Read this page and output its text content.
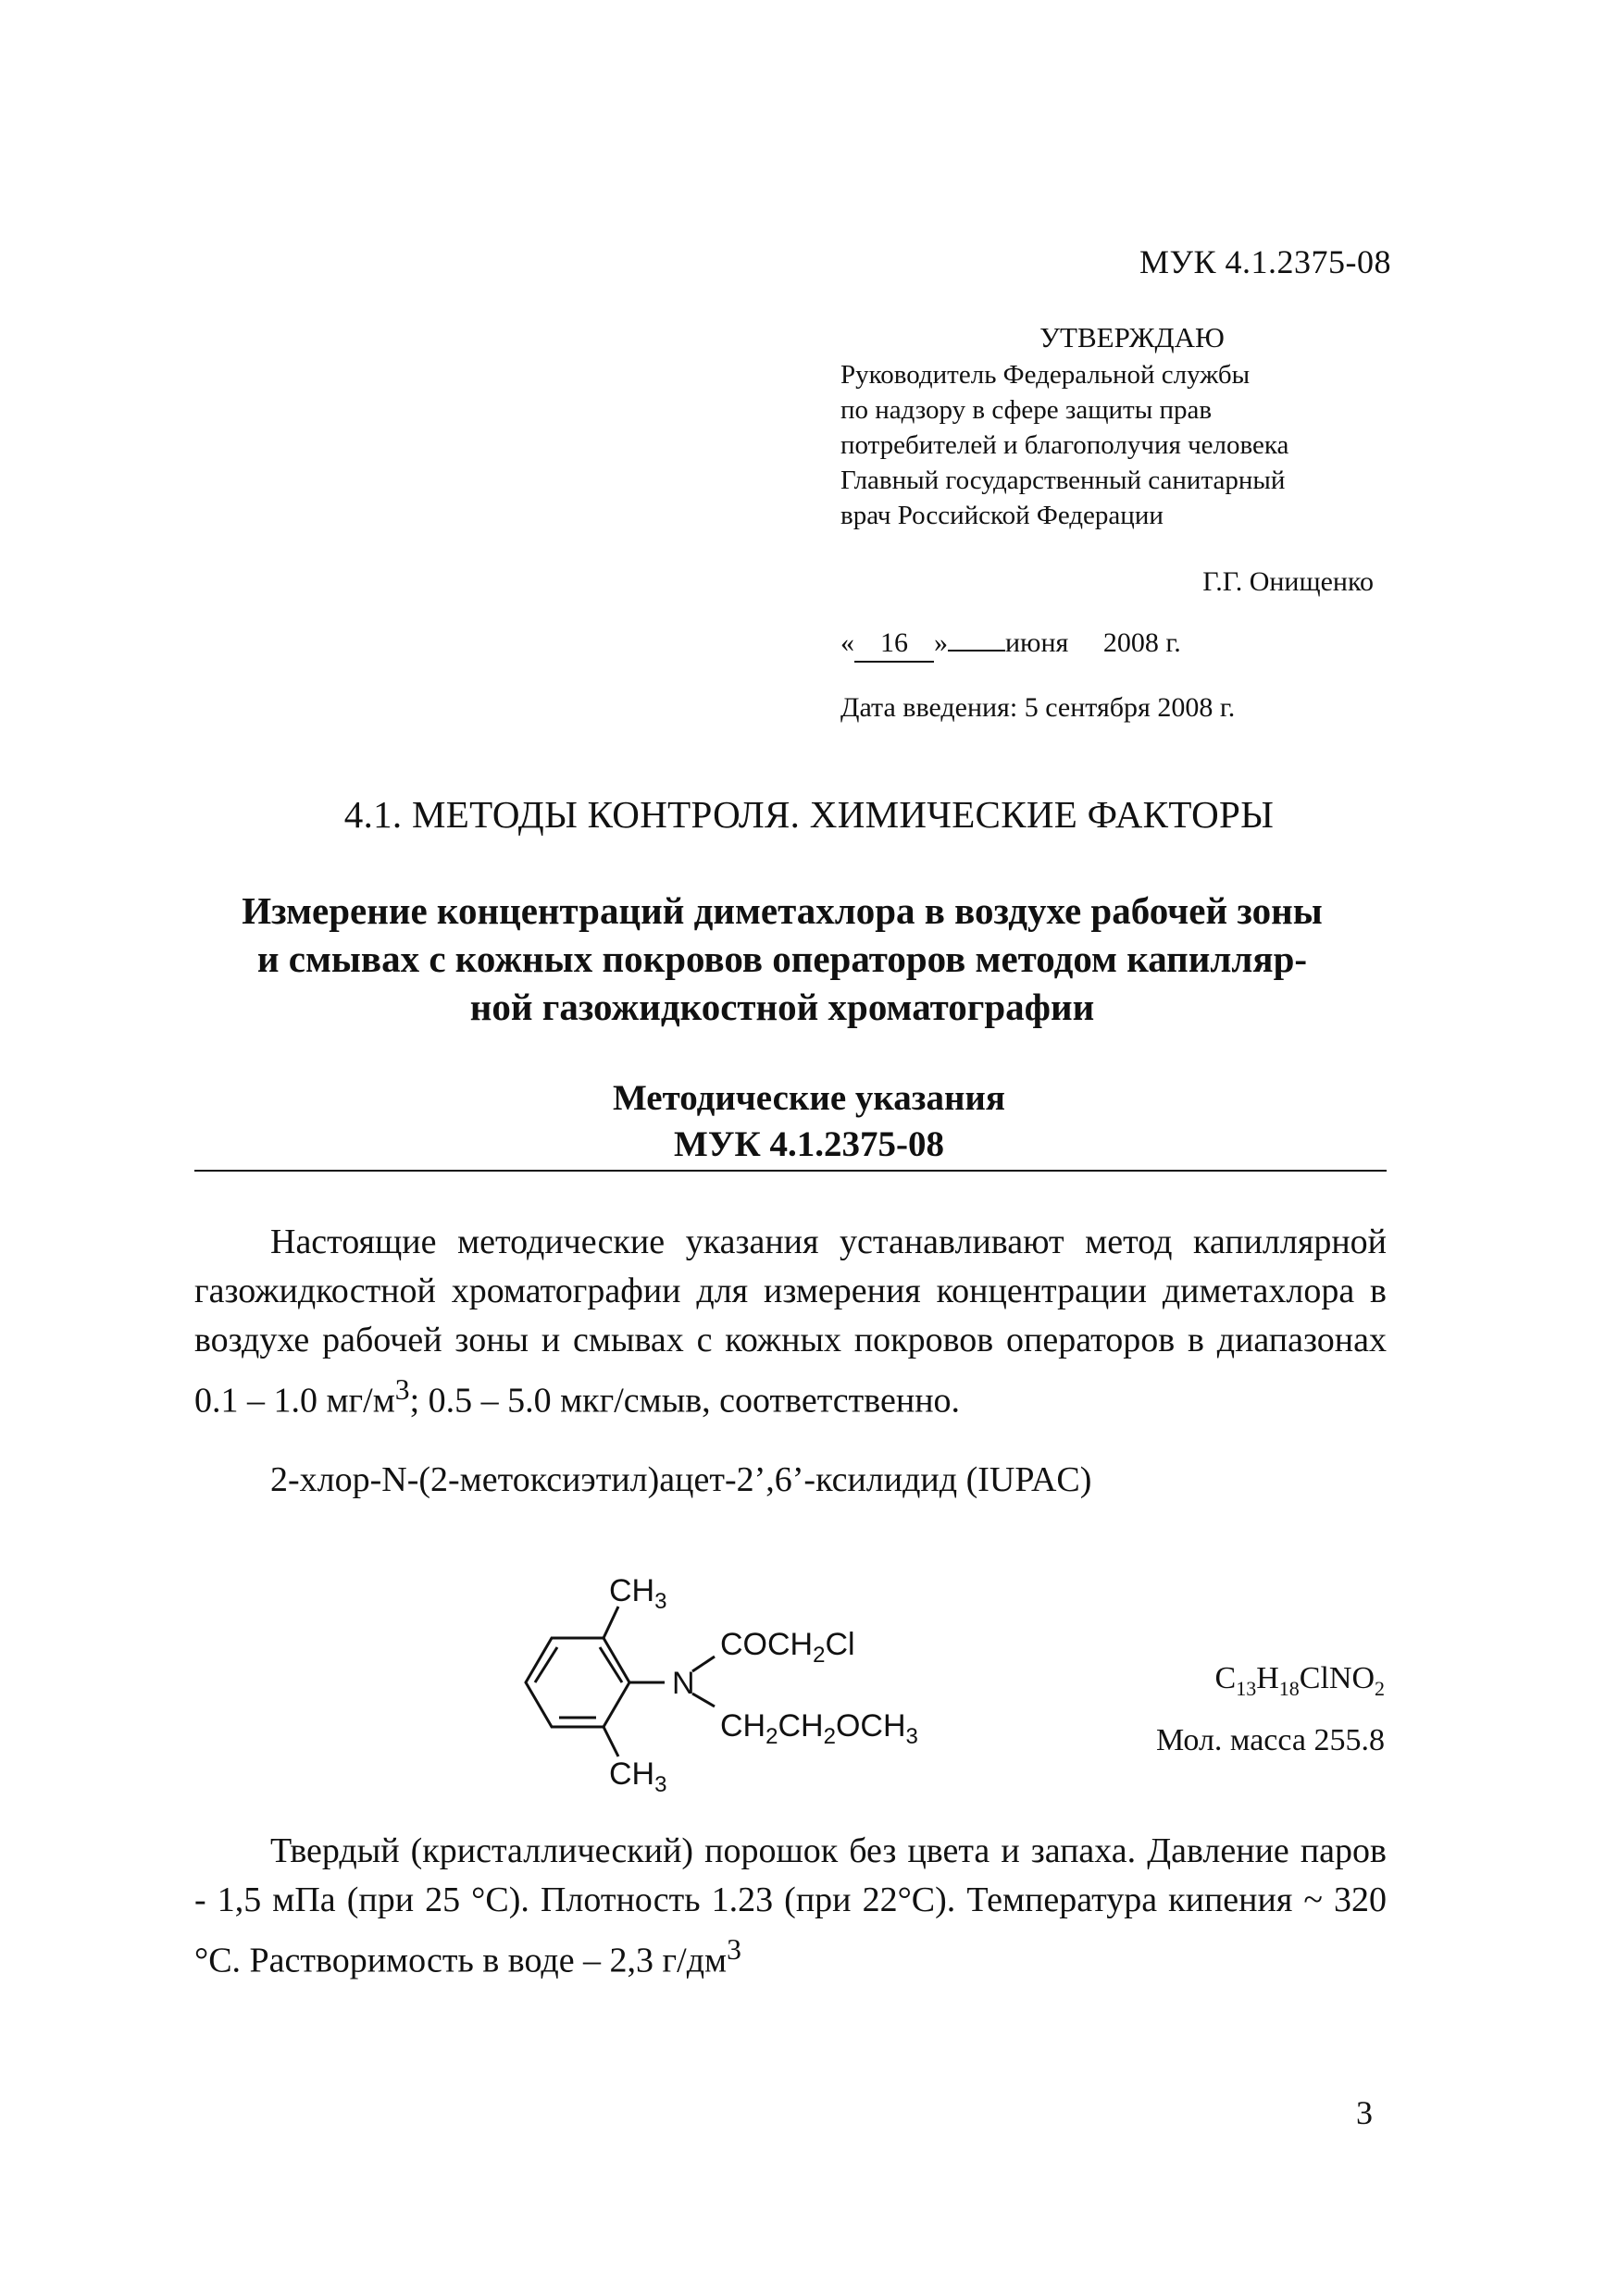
МУК 4.1.2375-08
УТВЕРЖДАЮ
Руководитель Федеральной службы
по надзору в сфере защиты прав
потребителей и благополучия человека
Главный государственный санитарный
врач Российской Федерации
Г.Г. Онищенко
« 16 » июня 2008 г.
Дата введения: 5 сентября 2008 г.
4.1. МЕТОДЫ КОНТРОЛЯ. ХИМИЧЕСКИЕ ФАКТОРЫ
Измерение концентраций диметахлора в воздухе рабочей зоны
и смывах с кожных покровов операторов методом капилляр-
ной газожидкостной хроматографии
Методические указания
МУК 4.1.2375-08

Настоящие методические указания устанавливают метод капиллярной газожидкостной хроматографии для измерения концентрации диметахлора в воздухе рабочей зоны и смывах с кожных покровов операторов в диапазонах 0.1 – 1.0 $мг/м^3$; 0.5 – 5.0 мкг/смыв, соответственно.

2-хлор-N-(2-метоксиэтил)ацет-2’,6’-ксилидид (IUPAC)
$CH_3$
N
$COCH_2Cl$
$CH_2CH_2OCH_3$
$CH_3$
$C_{13}H_{18}ClNO_2$
Мол. масса 255.8

Твердый (кристаллический) порошок без цвета и запаха. Давление паров - 1,5 мПа (при 25 °С). Плотность 1.23 (при 22°С). Температура кипения ~ 320 °С. Растворимость в воде – 2,3 $г/дм^3$

3
